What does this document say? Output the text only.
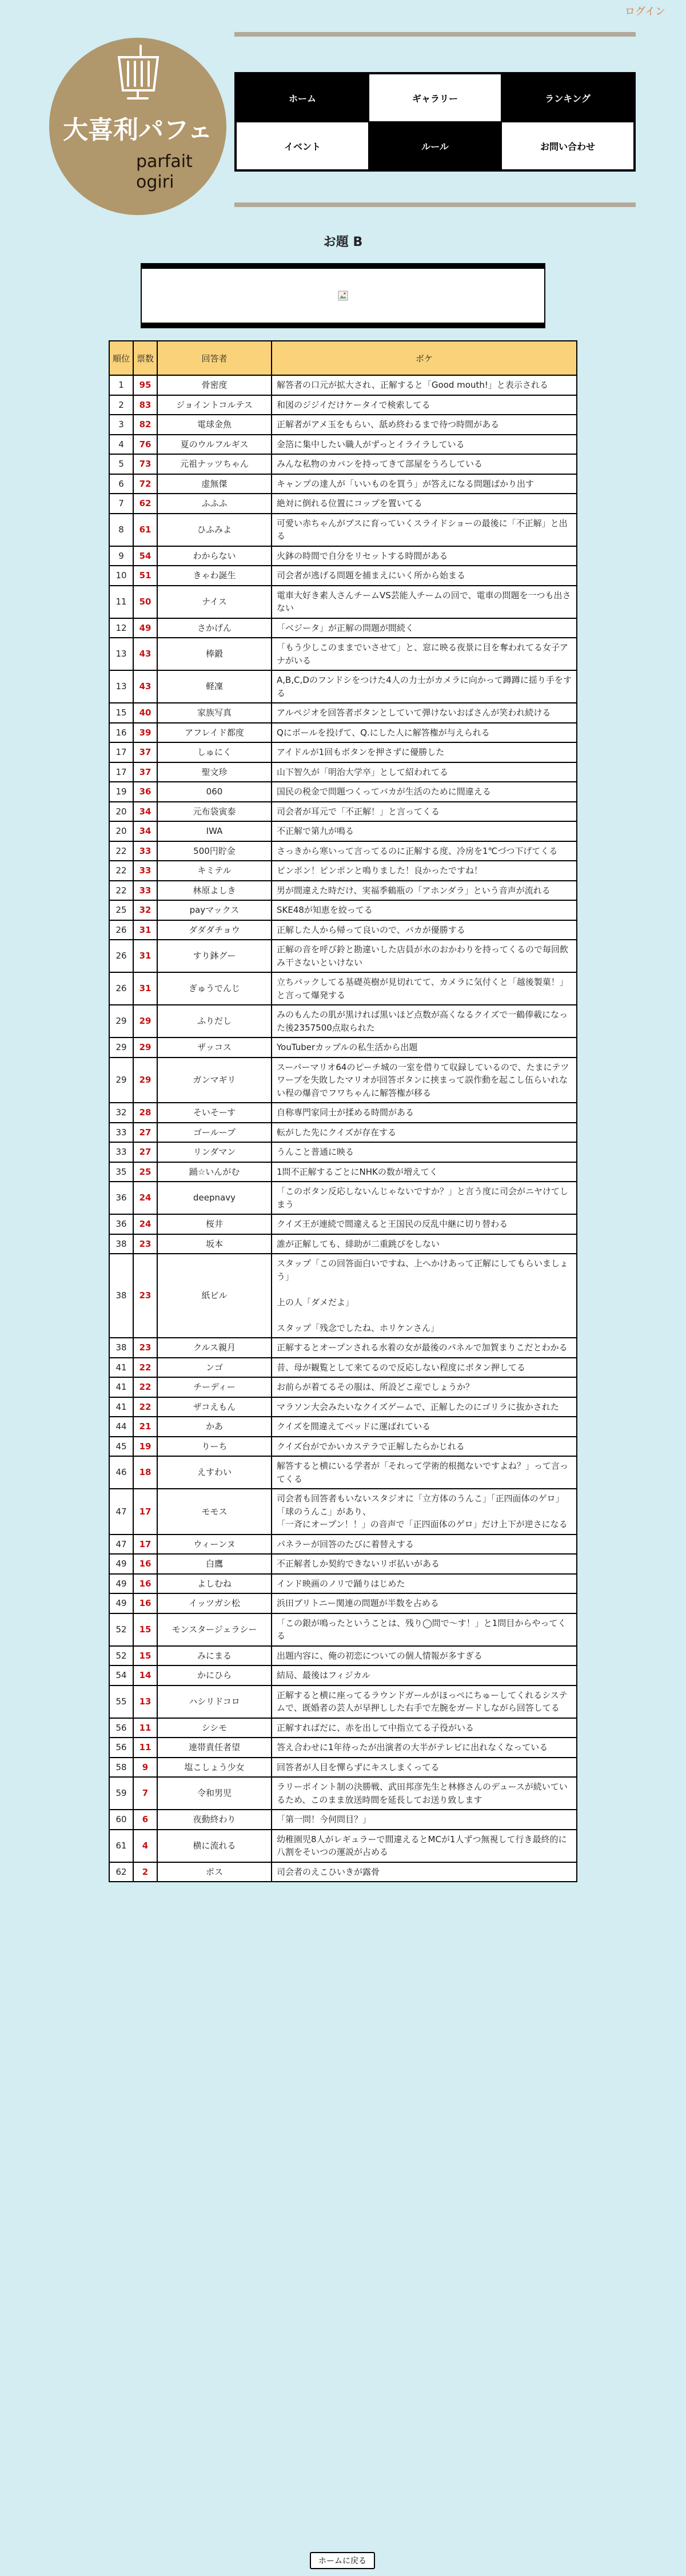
ログイン
大喜利パフェ
parfait
ogiri
ホーム	ギャラリー	ランキング
イベント	ルール	お問い合わせ
お題 B
順位	票数	回答者	ボケ
1	95	骨密度	解答者の口元が拡大され、正解すると「Good mouth!」と表示される
2	83	ジョイントコルテス	和図のジジイだけケータイで検索してる
3	82	電球金魚	正解者がアメ玉をもらい、舐め終わるまで待つ時間がある
4	76	夏のウルフルギス	金箔に集中したい職人がずっとイライラしている
5	73	元祖ナッツちゃん	みんな私物のカバンを持ってきて部屋をうろしている
6	72	虚無傑	キャンプの達人が「いいものを買う」が答えになる問題ばかり出す
7	62	ふふふ	絶対に倒れる位置にコップを置いてる
8	61	ひふみよ	可愛い赤ちゃんがブスに育っていくスライドショーの最後に「不正解」と出る
9	54	わからない	火鉢の時間で自分をリセットする時間がある
10	51	きゃわ誕生	司会者が逃げる問題を捕まえにいく所から始まる
11	50	ナイス	電車大好き素人さんチームVS芸能人チームの回で、電車の問題を一つも出さない
12	49	さかげん	「ベジータ」が正解の問題が間続く
13	43	棒鍛	「もう少しこのままでいさせて」と、窓に映る夜景に目を奪われてる女子アナがいる
13	43	軽凜	A,B,C,Dのフンドシをつけた4人の力士がカメラに向かって蹲蹲に揺り手をする
15	40	家族写真	アルペジオを回答者ボタンとしていて弾けないおばさんが笑われ続ける
16	39	アフレイド都度	Qにボールを投げて、Q.にした人に解答権が与えられる
17	37	しゅにく	アイドルが1回もボタンを押さずに優勝した
17	37	聖文珍	山下智久が「明治大学卒」として紹われてる
19	36	060	国民の税金で問題つくってバカが生活のために間違える
20	34	元布袋寅泰	司会者が耳元で「不正解！」と言ってくる
20	34	IWA	不正解で第九が鳴る
22	33	500円貯金	さっきから寒いって言ってるのに正解する度、冷房を1℃づつ下げてくる
22	33	キミテル	ピンポン！ピンポンと鳴りました！良かったですね！
22	33	林原よしき	男が間違えた時だけ、実福季鶴瓶の「アホンダラ」という音声が流れる
25	32	payマックス	SKE48が知恵を絞ってる
26	31	ダダダチョウ	正解した人から帰って良いので、バカが優勝する
26	31	すり鉢グー	正解の音を呼び鈴と勘違いした店員が水のおかわりを持ってくるので毎回飲み干さないといけない
26	31	ぎゅうでんじ	立ちバックしてる基礎英樹が見切れてて、カメラに気付くと「越後製菓！」と言って爆発する
29	29	ふりだし	みのもんたの肌が黒ければ黒いほど点数が高くなるクイズで一鶴俸載になった後2357500点取られた
29	29	ザッコス	YouTuberカップルの私生活から出題
29	29	ガンマギリ	スーパーマリオ64のピーチ城の一室を借りて収録しているので、たまにテツワープを失敗したマリオが回答ボタンに挟まって誤作動を起こし伍らいれない程の爆音でフワちゃんに解答権が移る
32	28	そいそーす	自称専門家同士が揉める時間がある
33	27	ゴーループ	転がした先にクイズが存在する
33	27	リンダマン	うんこと普通に映る
35	25	踊☆いんがむ	1問不正解するごとにNHKの数が増えてく
36	24	deepnavy	「このボタン反応しないんじゃないですか？」と言う度に司会がニヤけてしまう
36	24	桜井	クイズ王が連続で間違えると王国民の反乱中継に切り替わる
38	23	坂本	誰が正解しても、緋助が二重跳びをしない
38	23	紙ビル	スタップ「この回答面白いですね、上へかけあって正解にしてもらいましょう」

上の人「ダメだよ」

スタップ「残念でしたね、ホリケンさん」
38	23	クルス親月	正解するとオープンされる水着の女が最後のパネルで加賀まりこだとわかる
41	22	ンゴ	昔、母が観覧として来てるので反応しない程度にボタン押してる
41	22	チーディー	お前らが着てるその服は、所設どこ産でしょうか？
41	22	ザコえもん	マラソン大会みたいなクイズゲームで、正解したのにゴリラに抜かされた
44	21	かあ	クイズを間違えてベッドに運ばれている
45	19	りーち	クイズ台がでかいカステラで正解したらかじれる
46	18	えすわい	解答すると横にいる学者が「それって学術的根拠ないですよね？」って言ってくる
47	17	モモス	司会者も回答者もいないスタジオに「立方体のうんこ」「正四面体のゲロ」「球のうんこ」があり、
「一斉にオープン！！」の音声で「正四面体のゲロ」だけ上下が逆さになる
47	17	ウィーンヌ	パネラーが回答のたびに着替えする
49	16	白鷹	不正解者しか契約できないリボ払いがある
49	16	よしむね	インド映画のノリで踊りはじめた
49	16	イッツガシ松	浜田ブリトニー関連の問題が半数を占める
52	15	モンスタージェラシー	「この銀が鳴ったということは、残り◯問で〜す！」と1問目からやってくる
52	15	みにまる	出題内容に、俺の初恋についての個人情報が多すぎる
54	14	かにひら	結局、最後はフィジカル
55	13	ハシリドコロ	正解すると横に座ってるラウンドガールがほっぺにちゅーしてくれるシステムで、既婚者の芸人が早押しした右手で左腕をガードしながら回答してる
56	11	シシモ	正解すればだに、赤を出して中指立てる子役がいる
56	11	連帯責任者望	答え合わせに1年待ったが出演者の大半がテレビに出れなくなっている
58	9	塩こしょう少女	回答者が人目を憚らずにキスしまくってる
59	7	令和男児	ラリーポイント制の決勝戦、武田邦彦先生と林修さんのデュースが続いているため、このまま放送時間を延長してお送り致します
60	6	夜動終わり	「第一問！今何問目？」
61	4	横に流れる	幼稚園児8人がレギュラーで間違えるとMCが1人ずつ無視して行き最終的に八割をそいつの運説が占める
62	2	ポス	司会者のえこひいきが露骨
ホームに戻る
